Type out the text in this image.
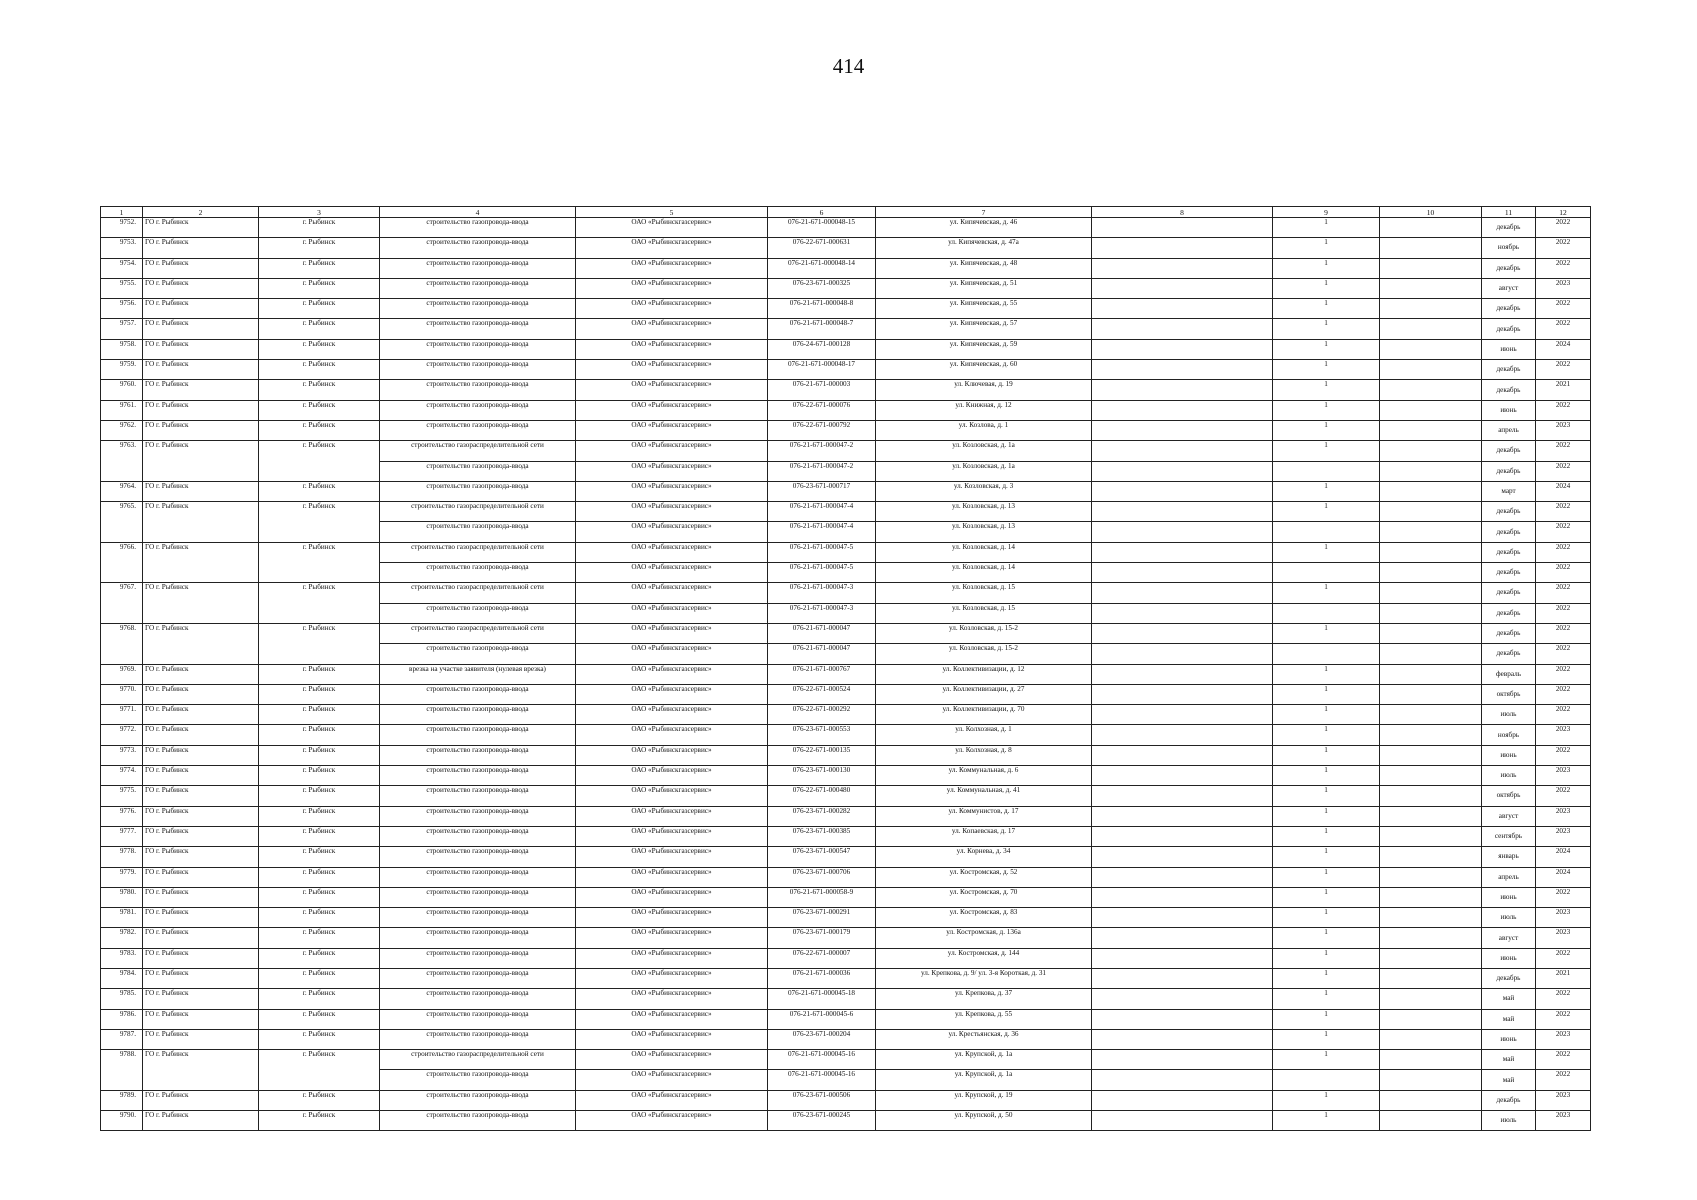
414
1	2	3	4	5	6	7	8	9	10	11	12
9752.	ГО г. Рыбинск	г. Рыбинск	строительство газопровода-ввода	ОАО «Рыбинскгазсервис»	076-21-671-000048-15	ул. Кипячевская, д. 46		1		декабрь	2022
9753.	ГО г. Рыбинск	г. Рыбинск	строительство газопровода-ввода	ОАО «Рыбинскгазсервис»	076-22-671-000631	ул. Кипячевская, д. 47а		1		ноябрь	2022
9754.	ГО г. Рыбинск	г. Рыбинск	строительство газопровода-ввода	ОАО «Рыбинскгазсервис»	076-21-671-000048-14	ул. Кипячевская, д. 48		1		декабрь	2022
9755.	ГО г. Рыбинск	г. Рыбинск	строительство газопровода-ввода	ОАО «Рыбинскгазсервис»	076-23-671-000325	ул. Кипячевская, д. 51		1		август	2023
9756.	ГО г. Рыбинск	г. Рыбинск	строительство газопровода-ввода	ОАО «Рыбинскгазсервис»	076-21-671-000048-8	ул. Кипячевская, д. 55		1		декабрь	2022
9757.	ГО г. Рыбинск	г. Рыбинск	строительство газопровода-ввода	ОАО «Рыбинскгазсервис»	076-21-671-000048-7	ул. Кипячевская, д. 57		1		декабрь	2022
9758.	ГО г. Рыбинск	г. Рыбинск	строительство газопровода-ввода	ОАО «Рыбинскгазсервис»	076-24-671-000128	ул. Кипячевская, д. 59		1		июнь	2024
9759.	ГО г. Рыбинск	г. Рыбинск	строительство газопровода-ввода	ОАО «Рыбинскгазсервис»	076-21-671-000048-17	ул. Кипячевская, д. 60		1		декабрь	2022
9760.	ГО г. Рыбинск	г. Рыбинск	строительство газопровода-ввода	ОАО «Рыбинскгазсервис»	076-21-671-000003	ул. Ключевая, д. 19		1		декабрь	2021
9761.	ГО г. Рыбинск	г. Рыбинск	строительство газопровода-ввода	ОАО «Рыбинскгазсервис»	076-22-671-000076	ул. Книжная, д. 12		1		июнь	2022
9762.	ГО г. Рыбинск	г. Рыбинск	строительство газопровода-ввода	ОАО «Рыбинскгазсервис»	076-22-671-000792	ул. Козлова, д. 1		1		апрель	2023
9763.	ГО г. Рыбинск	г. Рыбинск	строительство газораспределительной сети	ОАО «Рыбинскгазсервис»	076-21-671-000047-2	ул. Козловская, д. 1а		1		декабрь	2022
			строительство газопровода-ввода	ОАО «Рыбинскгазсервис»	076-21-671-000047-2	ул. Козловская, д. 1а				декабрь	2022
9764.	ГО г. Рыбинск	г. Рыбинск	строительство газопровода-ввода	ОАО «Рыбинскгазсервис»	076-23-671-000717	ул. Козловская, д. 3		1		март	2024
9765.	ГО г. Рыбинск	г. Рыбинск	строительство газораспределительной сети	ОАО «Рыбинскгазсервис»	076-21-671-000047-4	ул. Козловская, д. 13		1		декабрь	2022
			строительство газопровода-ввода	ОАО «Рыбинскгазсервис»	076-21-671-000047-4	ул. Козловская, д. 13				декабрь	2022
9766.	ГО г. Рыбинск	г. Рыбинск	строительство газораспределительной сети	ОАО «Рыбинскгазсервис»	076-21-671-000047-5	ул. Козловская, д. 14		1		декабрь	2022
			строительство газопровода-ввода	ОАО «Рыбинскгазсервис»	076-21-671-000047-5	ул. Козловская, д. 14				декабрь	2022
9767.	ГО г. Рыбинск	г. Рыбинск	строительство газораспределительной сети	ОАО «Рыбинскгазсервис»	076-21-671-000047-3	ул. Козловская, д. 15		1		декабрь	2022
			строительство газопровода-ввода	ОАО «Рыбинскгазсервис»	076-21-671-000047-3	ул. Козловская, д. 15				декабрь	2022
9768.	ГО г. Рыбинск	г. Рыбинск	строительство газораспределительной сети	ОАО «Рыбинскгазсервис»	076-21-671-000047	ул. Козловская, д. 15-2		1		декабрь	2022
			строительство газопровода-ввода	ОАО «Рыбинскгазсервис»	076-21-671-000047	ул. Козловская, д. 15-2				декабрь	2022
9769.	ГО г. Рыбинск	г. Рыбинск	врезка на участке заявителя (нулевая врезка)	ОАО «Рыбинскгазсервис»	076-21-671-000767	ул. Коллективизации, д. 12		1		февраль	2022
9770.	ГО г. Рыбинск	г. Рыбинск	строительство газопровода-ввода	ОАО «Рыбинскгазсервис»	076-22-671-000524	ул. Коллективизации, д. 27		1		октябрь	2022
9771.	ГО г. Рыбинск	г. Рыбинск	строительство газопровода-ввода	ОАО «Рыбинскгазсервис»	076-22-671-000292	ул. Коллективизации, д. 70		1		июль	2022
9772.	ГО г. Рыбинск	г. Рыбинск	строительство газопровода-ввода	ОАО «Рыбинскгазсервис»	076-23-671-000553	ул. Колхозная, д. 1		1		ноябрь	2023
9773.	ГО г. Рыбинск	г. Рыбинск	строительство газопровода-ввода	ОАО «Рыбинскгазсервис»	076-22-671-000135	ул. Колхозная, д. 8		1		июнь	2022
9774.	ГО г. Рыбинск	г. Рыбинск	строительство газопровода-ввода	ОАО «Рыбинскгазсервис»	076-23-671-000130	ул. Коммунальная, д. 6		1		июль	2023
9775.	ГО г. Рыбинск	г. Рыбинск	строительство газопровода-ввода	ОАО «Рыбинскгазсервис»	076-22-671-000480	ул. Коммунальная, д. 41		1		октябрь	2022
9776.	ГО г. Рыбинск	г. Рыбинск	строительство газопровода-ввода	ОАО «Рыбинскгазсервис»	076-23-671-000282	ул. Коммунистов, д. 17		1		август	2023
9777.	ГО г. Рыбинск	г. Рыбинск	строительство газопровода-ввода	ОАО «Рыбинскгазсервис»	076-23-671-000385	ул. Копаевская, д. 17		1		сентябрь	2023
9778.	ГО г. Рыбинск	г. Рыбинск	строительство газопровода-ввода	ОАО «Рыбинскгазсервис»	076-23-671-000547	ул. Корнева, д. 34		1		январь	2024
9779.	ГО г. Рыбинск	г. Рыбинск	строительство газопровода-ввода	ОАО «Рыбинскгазсервис»	076-23-671-000706	ул. Костромская, д. 52		1		апрель	2024
9780.	ГО г. Рыбинск	г. Рыбинск	строительство газопровода-ввода	ОАО «Рыбинскгазсервис»	076-21-671-000058-9	ул. Костромская, д. 70		1		июнь	2022
9781.	ГО г. Рыбинск	г. Рыбинск	строительство газопровода-ввода	ОАО «Рыбинскгазсервис»	076-23-671-000291	ул. Костромская, д. 83		1		июль	2023
9782.	ГО г. Рыбинск	г. Рыбинск	строительство газопровода-ввода	ОАО «Рыбинскгазсервис»	076-23-671-000179	ул. Костромская, д. 136а		1		август	2023
9783.	ГО г. Рыбинск	г. Рыбинск	строительство газопровода-ввода	ОАО «Рыбинскгазсервис»	076-22-671-000007	ул. Костромская, д. 144		1		июнь	2022
9784.	ГО г. Рыбинск	г. Рыбинск	строительство газопровода-ввода	ОАО «Рыбинскгазсервис»	076-21-671-000036	ул. Крепкова, д. 9/ ул. 3-я Короткая, д. 31		1		декабрь	2021
9785.	ГО г. Рыбинск	г. Рыбинск	строительство газопровода-ввода	ОАО «Рыбинскгазсервис»	076-21-671-000045-18	ул. Крепкова, д. 37		1		май	2022
9786.	ГО г. Рыбинск	г. Рыбинск	строительство газопровода-ввода	ОАО «Рыбинскгазсервис»	076-21-671-000045-6	ул. Крепкова, д. 55		1		май	2022
9787.	ГО г. Рыбинск	г. Рыбинск	строительство газопровода-ввода	ОАО «Рыбинскгазсервис»	076-23-671-000204	ул. Крестьянская, д. 36		1		июнь	2023
9788.	ГО г. Рыбинск	г. Рыбинск	строительство газораспределительной сети	ОАО «Рыбинскгазсервис»	076-21-671-000045-16	ул. Крупской, д. 1а		1		май	2022
			строительство газопровода-ввода	ОАО «Рыбинскгазсервис»	076-21-671-000045-16	ул. Крупской, д. 1а				май	2022
9789.	ГО г. Рыбинск	г. Рыбинск	строительство газопровода-ввода	ОАО «Рыбинскгазсервис»	076-23-671-000506	ул. Крупской, д. 19		1		декабрь	2023
9790.	ГО г. Рыбинск	г. Рыбинск	строительство газопровода-ввода	ОАО «Рыбинскгазсервис»	076-23-671-000245	ул. Крупской, д. 50		1		июль	2023
